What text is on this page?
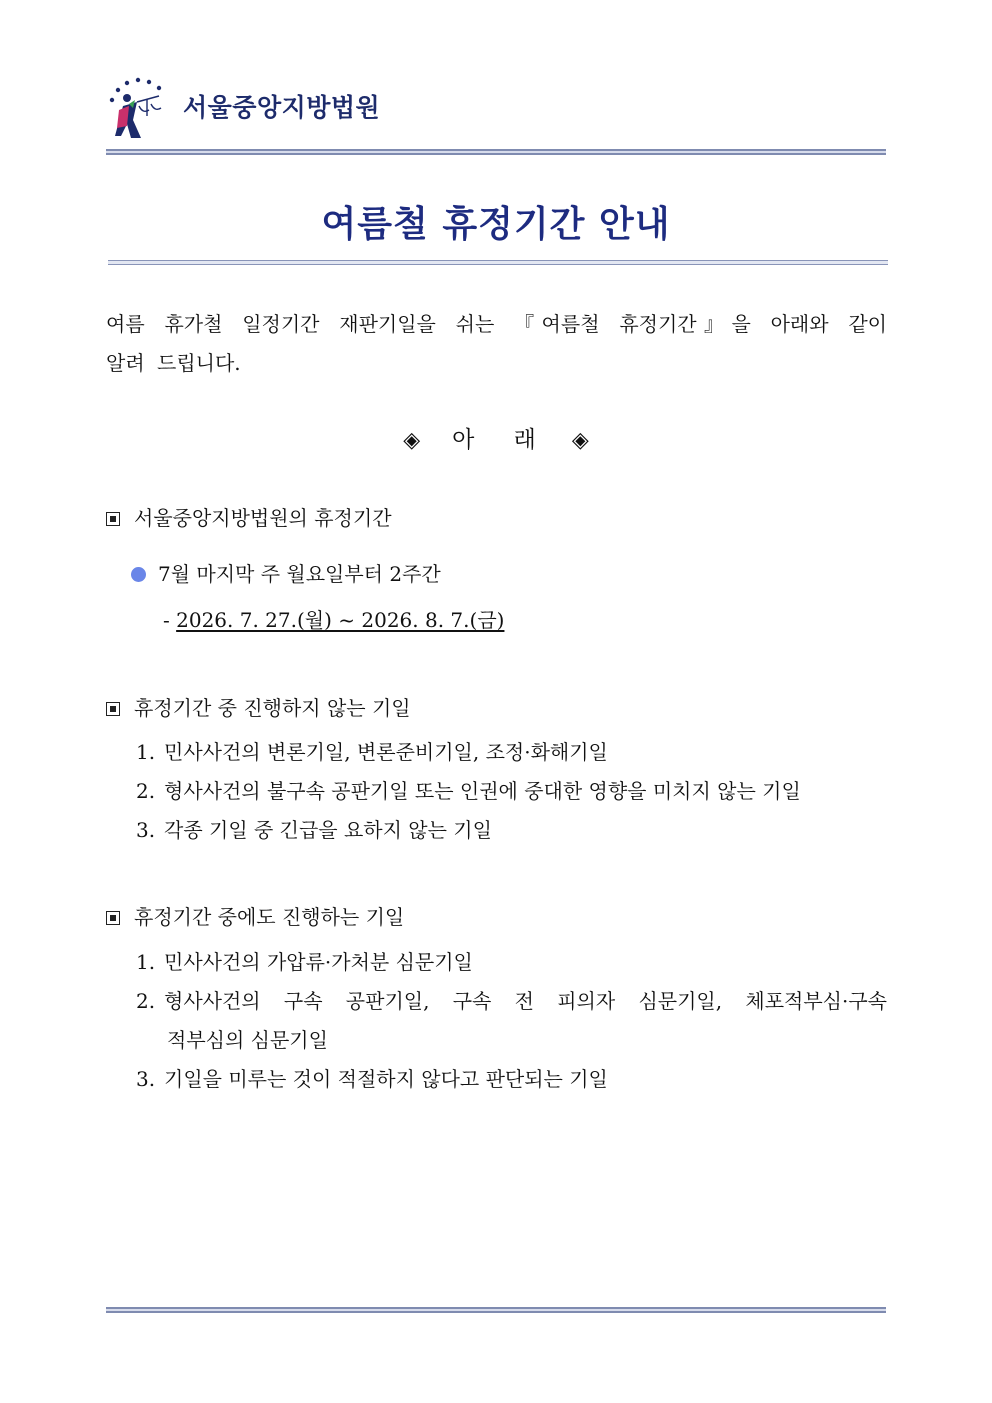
서울중앙지방법원
여름철 휴정기간 안내
여름 휴가철 일정기간 재판기일을 쉬는 『여름철 휴정기간』을 아래와 같이
알려 드립니다.
◈ 아 래 ◈
서울중앙지방법원의 휴정기간
7월 마지막 주 월요일부터 2주간
- 2026. 7. 27.(월) ~ 2026. 8. 7.(금)
휴정기간 중 진행하지 않는 기일
1. 민사사건의 변론기일, 변론준비기일, 조정·화해기일
2. 형사사건의 불구속 공판기일 또는 인권에 중대한 영향을 미치지 않는 기일
3. 각종 기일 중 긴급을 요하지 않는 기일
휴정기간 중에도 진행하는 기일
1. 민사사건의 가압류·가처분 심문기일
2. 형사사건의 구속 공판기일, 구속 전 피의자 심문기일, 체포적부심·구속
적부심의 심문기일
3. 기일을 미루는 것이 적절하지 않다고 판단되는 기일
